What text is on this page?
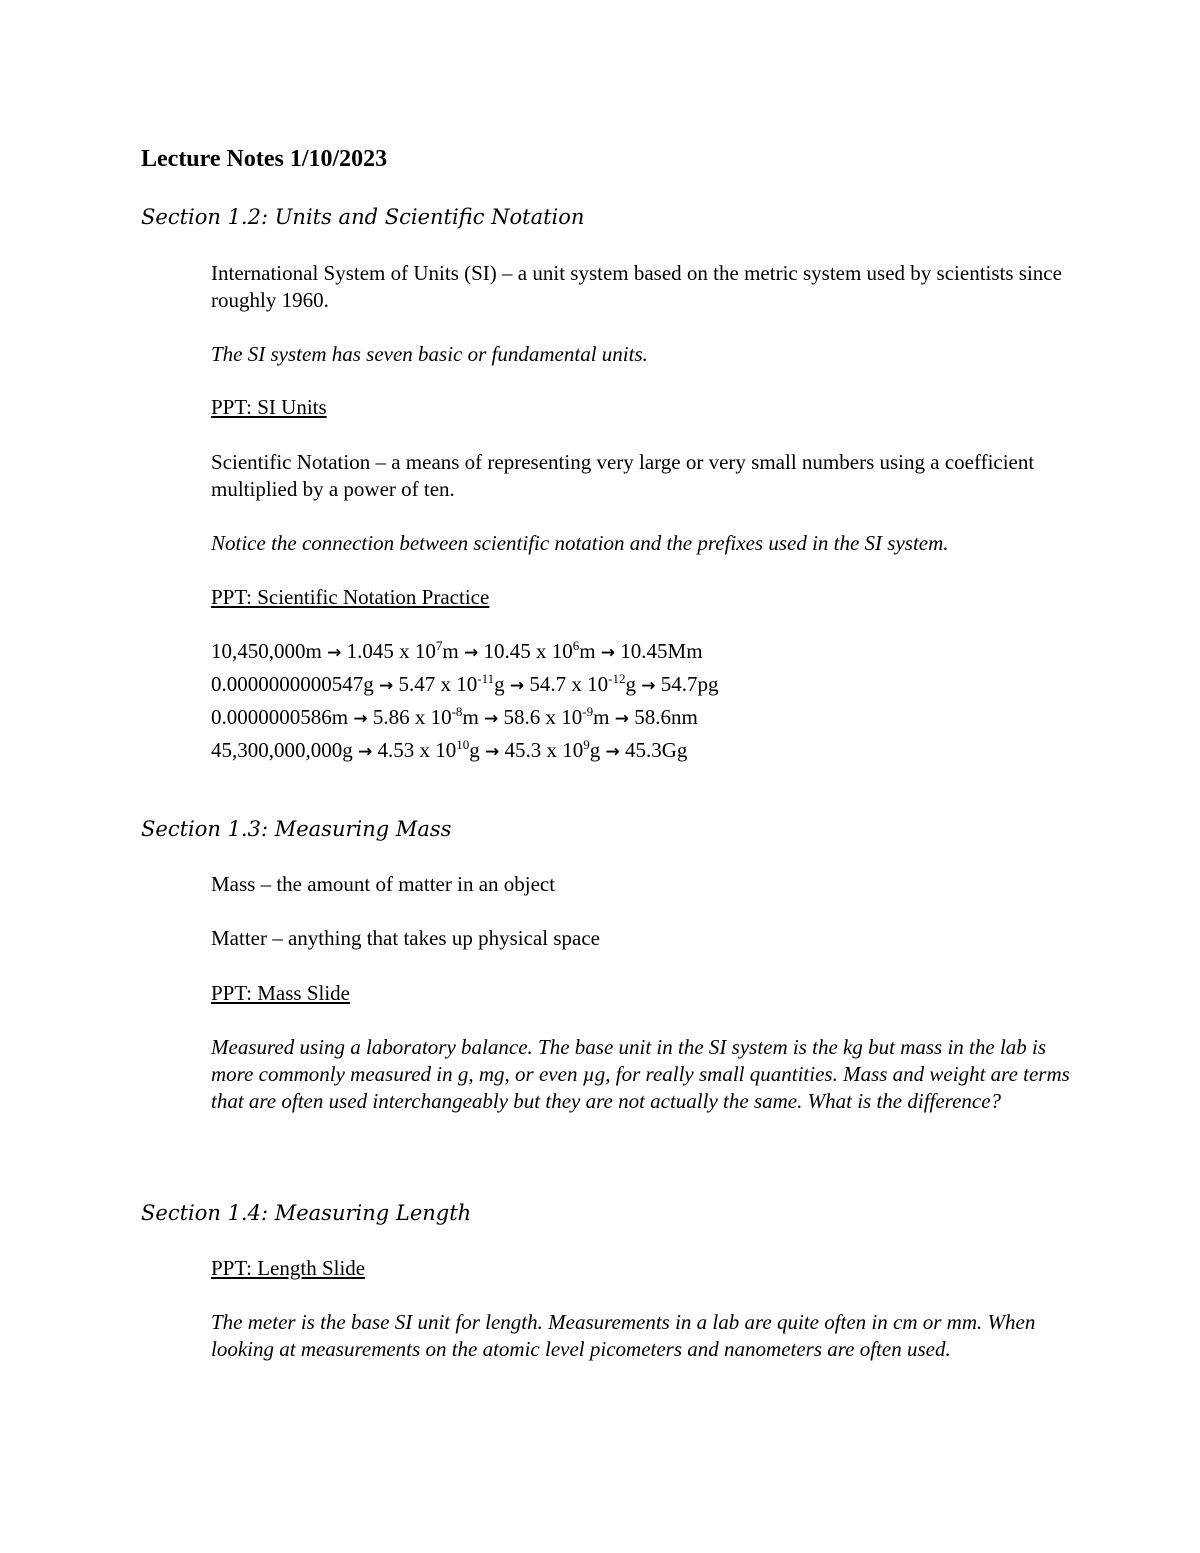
Lecture Notes 1/10/2023
Section 1.2: Units and Scientific Notation

International System of Units (SI) – a unit system based on the metric system used by scientists since roughly 1960.

The SI system has seven basic or fundamental units.

PPT: SI Units

Scientific Notation – a means of representing very large or very small numbers using a coefficient multiplied by a power of ten.

Notice the connection between scientific notation and the prefixes used in the SI system.

PPT: Scientific Notation Practice

10,450,000m → 1.045 x $10^7m \to 10.45$ x $10^6m \to 10.45Mm$
0.0000000000547g → 5.47 x $10^{-11}g \to 54.7$ x $10^{-12}g \to 54.7pg$
0.0000000586m → 5.86 x $10^{-8}m \to 58.6$ x $10^{-9}m \to 58.6nm$
45,300,000,000g → 4.53 x $10^{10}g \to 45.3$ x $10^9g \to 45.3Gg$
Section 1.3: Measuring Mass

Mass – the amount of matter in an object

Matter – anything that takes up physical space

PPT: Mass Slide

Measured using a laboratory balance. The base unit in the SI system is the kg but mass in the lab is more commonly measured in g, mg, or even µg, for really small quantities. Mass and weight are terms that are often used interchangeably but they are not actually the same. What is the difference?

Section 1.4: Measuring Length

PPT: Length Slide

The meter is the base SI unit for length. Measurements in a lab are quite often in cm or mm. When looking at measurements on the atomic level picometers and nanometers are often used.
